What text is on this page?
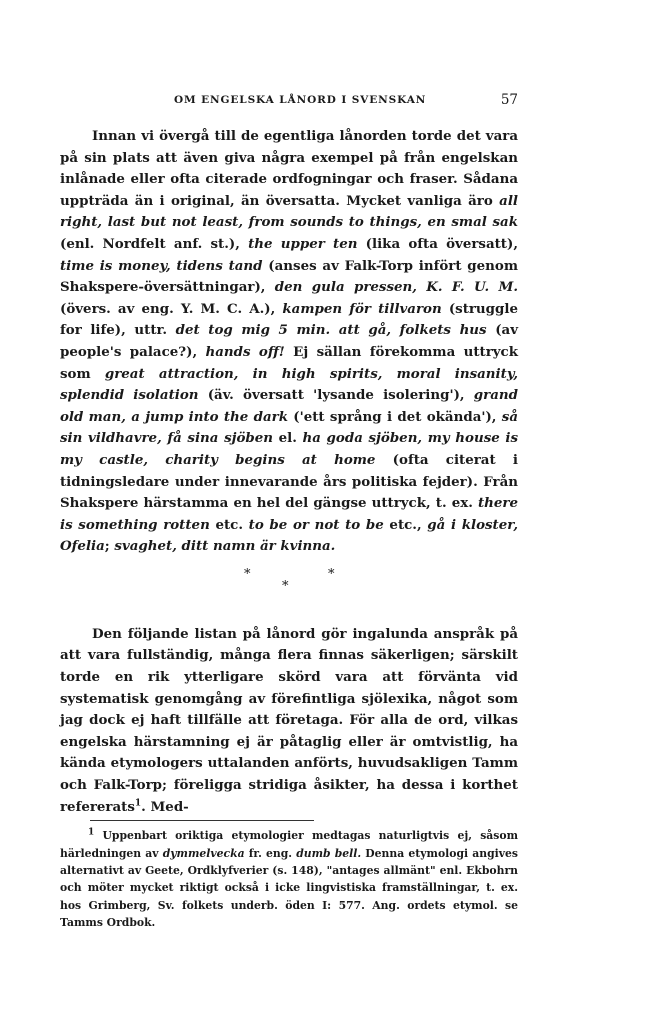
OM ENGELSKA LÅNORD I SVENSKAN	57

Innan vi övergå till de egentliga lånorden torde det vara på sin plats att även giva några exempel på från engelskan inlånade eller ofta citerade ordfogningar och fraser. Sådana uppträda än i original, än översatta. Mycket vanliga äro all right, last but not least, from sounds to things, en smal sak (enl. Nordfelt anf. st.), the upper ten (lika ofta översatt), time is money, tidens tand (anses av Falk-Torp infört genom Shakspere-översättningar), den gula pressen, K. F. U. M. (övers. av eng. Y. M. C. A.), kampen för tillvaron (struggle for life), uttr. det tog mig 5 min. att gå, folkets hus (av people's palace?), hands off! Ej sällan förekomma uttryck som great attraction, in high spirits, moral insanity, splendid isolation (äv. översatt 'lysande isolering'), grand old man, a jump into the dark ('ett språng i det okända'), så sin vildhavre, få sina sjöben el. ha goda sjöben, my house is my castle, charity begins at home (ofta citerat i tidningsledare under innevarande års politiska fejder). Från Shakspere härstamma en hel del gängse uttryck, t. ex. there is something rotten etc. to be or not to be etc., gå i kloster, Ofelia; svaghet, ditt namn är kvinna.

*
*
*

Den följande listan på lånord gör ingalunda anspråk på att vara fullständig, många flera finnas säkerligen; särskilt torde en rik ytterligare skörd vara att förvänta vid systematisk genomgång av förefintliga sjölexika, något som jag dock ej haft tillfälle att företaga. För alla de ord, vilkas engelska härstamning ej är påtaglig eller är omtvistlig, ha kända etymologers uttalanden anförts, huvudsakligen Tamm och Falk-Torp; föreligga stridiga åsikter, ha dessa i korthet refererats$^1$. Med-

$^1$ Uppenbart oriktiga etymologier medtagas naturligtvis ej, såsom härledningen av dymmelvecka fr. eng. dumb bell. Denna etymologi angives alternativt av Geete, Ordklyfverier (s. 148), "antages allmänt" enl. Ekbohrn och möter mycket riktigt också i icke lingvistiska framställningar, t. ex. hos Grimberg, Sv. folkets underb. öden I: 577. Ang. ordets etymol. se Tamms Ordbok.
